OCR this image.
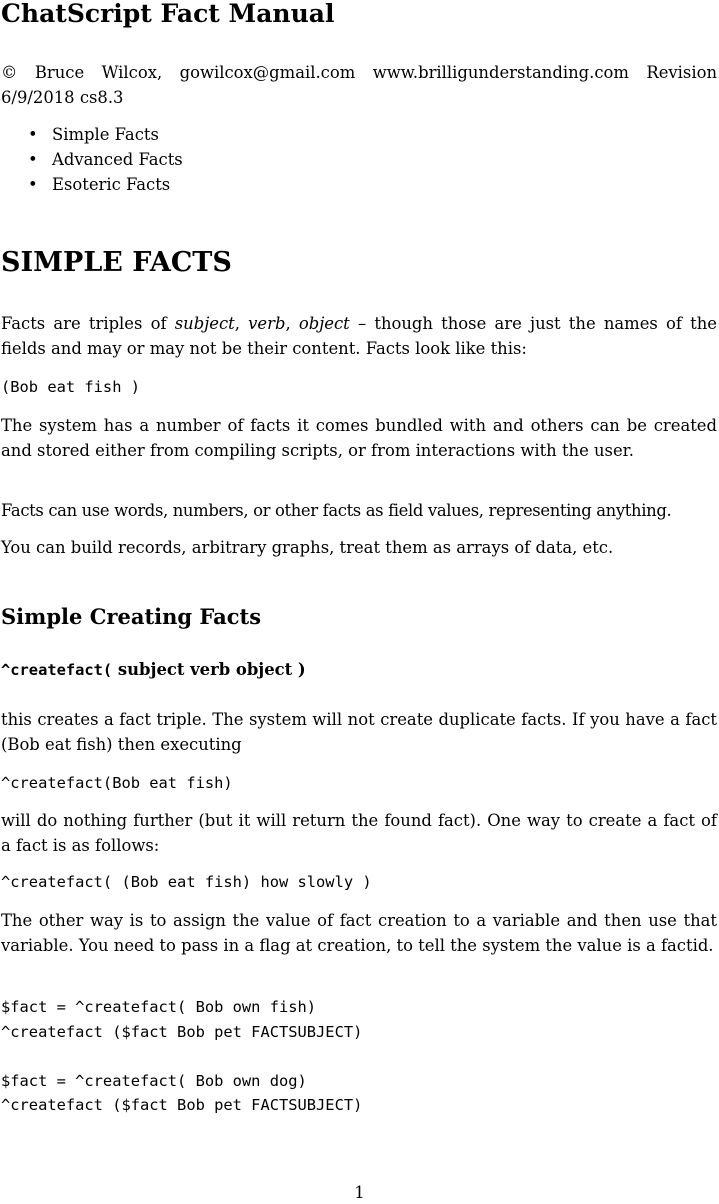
ChatScript Fact Manual

© Bruce Wilcox, gowilcox@gmail.com www.brilligunderstanding.com Revision 6/9/2018 cs8.3

• Simple Facts
• Advanced Facts
• Esoteric Facts
SIMPLE FACTS

Facts are triples of subject, verb, object – though those are just the names of the fields and may or may not be their content. Facts look like this:

(Bob eat fish )

The system has a number of facts it comes bundled with and others can be created and stored either from compiling scripts, or from interactions with the user.

Facts can use words, numbers, or other facts as field values, representing anything.

You can build records, arbitrary graphs, treat them as arrays of data, etc.

Simple Creating Facts
^createfact( subject verb object )

this creates a fact triple. The system will not create duplicate facts. If you have a fact (Bob eat fish) then executing

^createfact(Bob eat fish)

will do nothing further (but it will return the found fact). One way to create a fact of a fact is as follows:

^createfact( (Bob eat fish) how slowly )

The other way is to assign the value of fact creation to a variable and then use that variable. You need to pass in a flag at creation, to tell the system the value is a factid.

$fact = ^createfact( Bob own fish)
^createfact ($fact Bob pet FACTSUBJECT)

$fact = ^createfact( Bob own dog)
^createfact ($fact Bob pet FACTSUBJECT)
1
